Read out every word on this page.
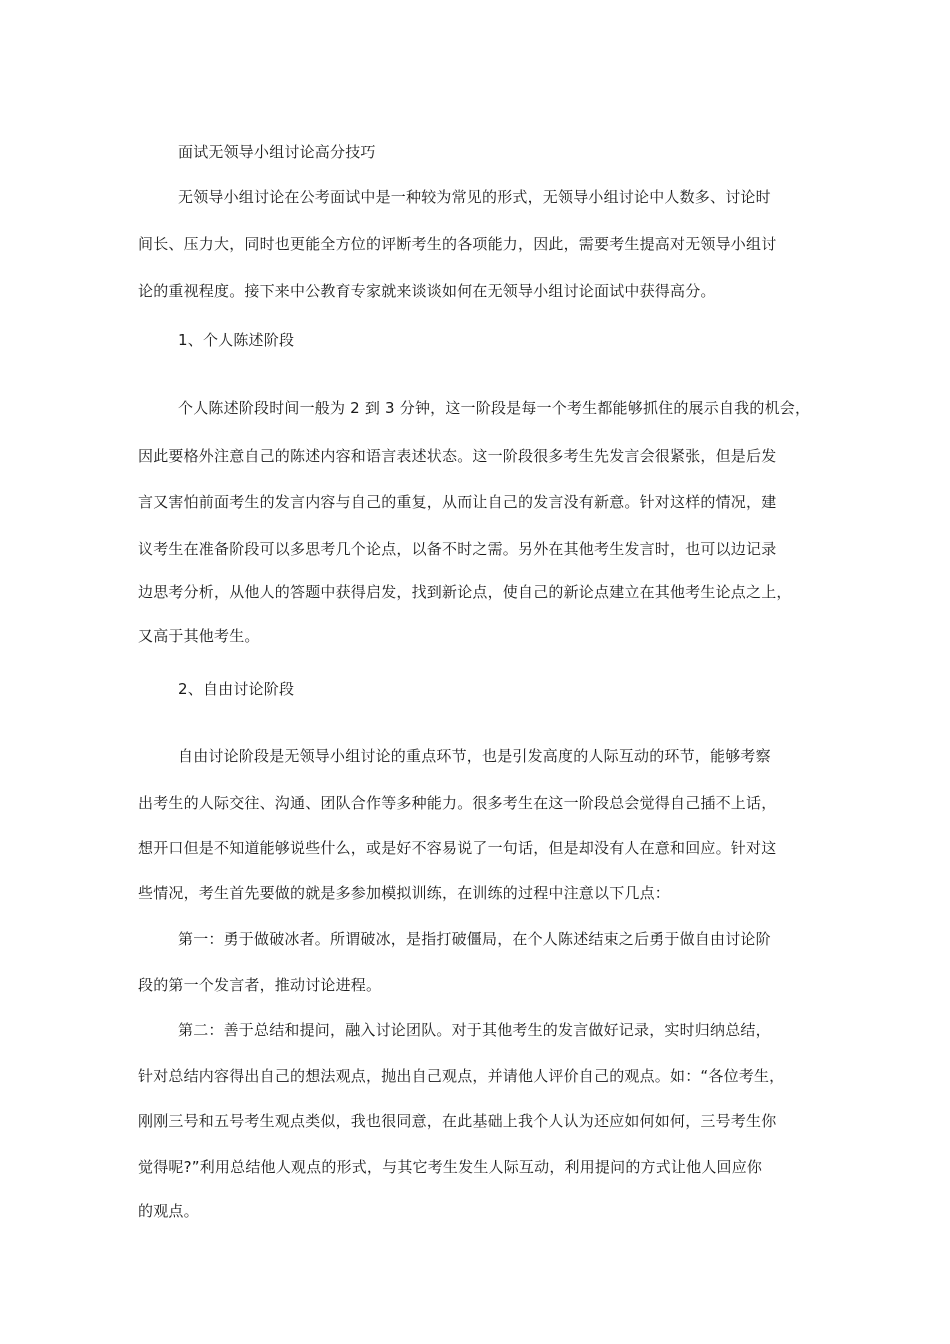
面试无领导小组讨论高分技巧
无领导小组讨论在公考面试中是一种较为常见的形式，无领导小组讨论中人数多、讨论时
间长、压力大，同时也更能全方位的评断考生的各项能力，因此，需要考生提高对无领导小组讨
论的重视程度。接下来中公教育专家就来谈谈如何在无领导小组讨论面试中获得高分。
1、个人陈述阶段
个人陈述阶段时间一般为 2 到 3 分钟，这一阶段是每一个考生都能够抓住的展示自我的机会，
因此要格外注意自己的陈述内容和语言表述状态。这一阶段很多考生先发言会很紧张，但是后发
言又害怕前面考生的发言内容与自己的重复，从而让自己的发言没有新意。针对这样的情况，建
议考生在准备阶段可以多思考几个论点，以备不时之需。另外在其他考生发言时，也可以边记录
边思考分析，从他人的答题中获得启发，找到新论点，使自己的新论点建立在其他考生论点之上，
又高于其他考生。
2、自由讨论阶段
自由讨论阶段是无领导小组讨论的重点环节，也是引发高度的人际互动的环节，能够考察
出考生的人际交往、沟通、团队合作等多种能力。很多考生在这一阶段总会觉得自己插不上话，
想开口但是不知道能够说些什么，或是好不容易说了一句话，但是却没有人在意和回应。针对这
些情况，考生首先要做的就是多参加模拟训练，在训练的过程中注意以下几点：
第一：勇于做破冰者。所谓破冰，是指打破僵局，在个人陈述结束之后勇于做自由讨论阶
段的第一个发言者，推动讨论进程。
第二：善于总结和提问，融入讨论团队。对于其他考生的发言做好记录，实时归纳总结，
针对总结内容得出自己的想法观点，抛出自己观点，并请他人评价自己的观点。如：“各位考生，
刚刚三号和五号考生观点类似，我也很同意，在此基础上我个人认为还应如何如何，三号考生你
觉得呢?”利用总结他人观点的形式，与其它考生发生人际互动，利用提问的方式让他人回应你
的观点。
